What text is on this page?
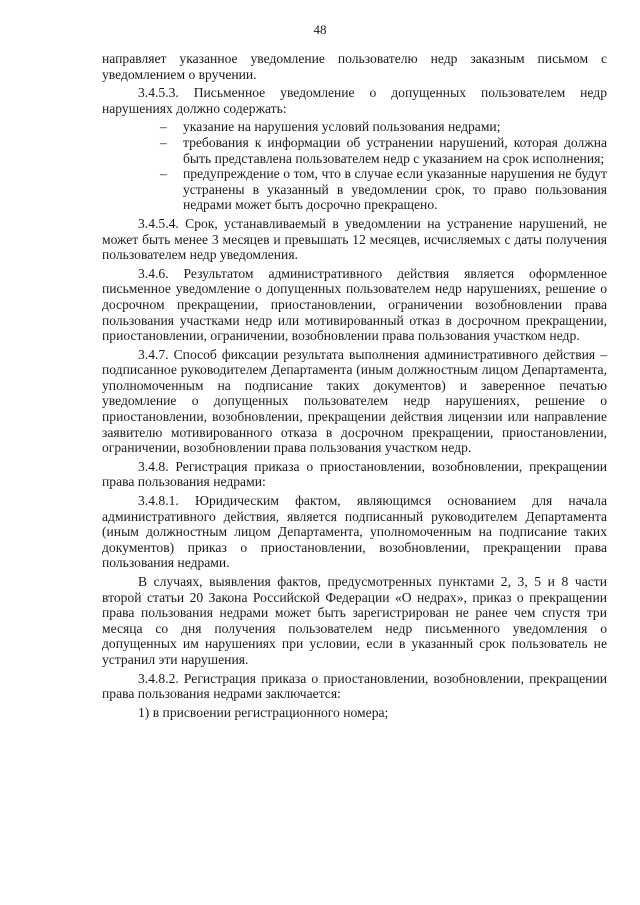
48

направляет указанное уведомление пользователю недр заказным письмом с уведомлением о вручении.

3.4.5.3. Письменное уведомление о допущенных пользователем недр нарушениях должно содержать:

– указание на нарушения условий пользования недрами;
– требования к информации об устранении нарушений, которая должна быть представлена пользователем недр с указанием на срок исполнения;
– предупреждение о том, что в случае если указанные нарушения не будут устранены в указанный в уведомлении срок, то право пользования недрами может быть досрочно прекращено.

3.4.5.4. Срок, устанавливаемый в уведомлении на устранение нарушений, не может быть менее 3 месяцев и превышать 12 месяцев, исчисляемых с даты получения пользователем недр уведомления.

3.4.6. Результатом административного действия является оформленное письменное уведомление о допущенных пользователем недр нарушениях, решение о досрочном прекращении, приостановлении, ограничении возобновлении права пользования участками недр или мотивированный отказ в досрочном прекращении, приостановлении, ограничении, возобновлении права пользования участком недр.

3.4.7. Способ фиксации результата выполнения административного действия – подписанное руководителем Департамента (иным должностным лицом Департамента, уполномоченным на подписание таких документов) и заверенное печатью уведомление о допущенных пользователем недр нарушениях, решение о приостановлении, возобновлении, прекращении действия лицензии или направление заявителю мотивированного отказа в досрочном прекращении, приостановлении, ограничении, возобновлении права пользования участком недр.

3.4.8. Регистрация приказа о приостановлении, возобновлении, прекращении права пользования недрами:

3.4.8.1. Юридическим фактом, являющимся основанием для начала административного действия, является подписанный руководителем Департамента (иным должностным лицом Департамента, уполномоченным на подписание таких документов) приказ о приостановлении, возобновлении, прекращении права пользования недрами.

В случаях, выявления фактов, предусмотренных пунктами 2, 3, 5 и 8 части второй статьи 20 Закона Российской Федерации «О недрах», приказ о прекращении права пользования недрами может быть зарегистрирован не ранее чем спустя три месяца со дня получения пользователем недр письменного уведомления о допущенных им нарушениях при условии, если в указанный срок пользователь не устранил эти нарушения.

3.4.8.2. Регистрация приказа о приостановлении, возобновлении, прекращении права пользования недрами заключается:

1) в присвоении регистрационного номера;
